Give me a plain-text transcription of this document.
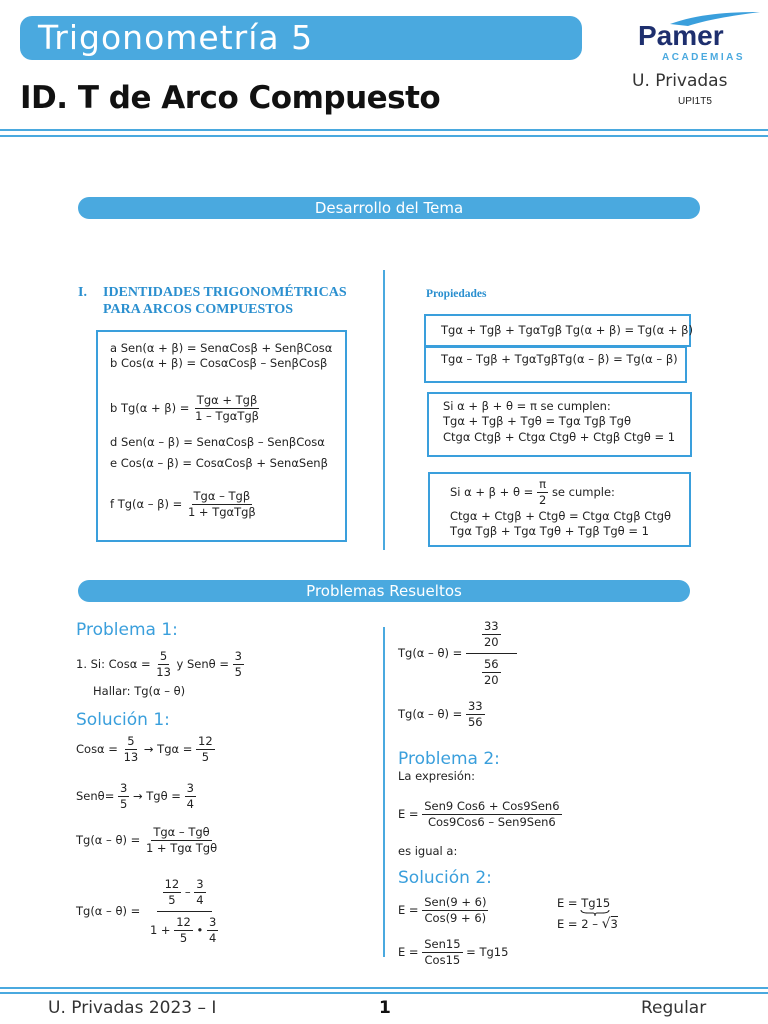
Trigonometría 5
ID. T de Arco Compuesto
Pamer
ACADEMIAS
U. Privadas
UPI1T5
Desarrollo del Tema
I. IDENTIDADES TRIGONOMÉTRICAS
PARA ARCOS COMPUESTOS
a Sen(α + β) = SenαCosβ + SenβCosα
b Cos(α + β) = CosαCosβ – SenβCosβ
b $Tg(\alpha + \beta) = \frac{\text{Tgα + Tgβ}}{\text{1 – TgαTgβ}}$
d Sen(α – β) = SenαCosβ – SenβCosα
e Cos(α – β) = CosαCosβ + SenαSenβ
f $Tg(\alpha - \beta) = \frac{\text{Tgα – Tgβ}}{\text{1 + TgαTgβ}}$
Propiedades
Tgα + Tgβ + TgαTgβ Tg(α + β) = Tg(α + β)
Tgα – Tgβ + TgαTgβTg(α – β) = Tg(α – β)
Si α + β + θ = π se cumplen:
Tgα + Tgβ + Tgθ = Tgα Tgβ Tgθ
Ctgα Ctgβ + Ctgα Ctgθ + Ctgβ Ctgθ = 1
Si $\alpha + \beta + \theta = \frac{\pi}{2}$ se cumple:
Ctgα + Ctgβ + Ctgθ = Ctgα Ctgβ Ctgθ
Tgα Tgβ + Tgα Tgθ + Tgβ Tgθ = 1
Problemas Resueltos
Problema 1:
1. Si: $Cos\alpha = \frac{5}{13}$ y $Sen\theta = \frac{3}{5}$
Hallar: Tg(α – θ)
Solución 1:
$Cos\alpha = \frac{5}{13} \to Tg\alpha = \frac{12}{5}$
$Sen\theta= \frac{3}{5} \to Tg\theta = \frac{3}{4}$
$Tg(\alpha - \theta) = \frac{\text{Tgα – Tgθ}}{\text{1 + Tgα Tgθ}}$
$Tg(\alpha - \theta) = \frac{\frac{12}{5} - \frac{3}{4}}{1 + \frac{12}{5} • \frac{3}{4}}$
$Tg(\alpha - \theta) = \frac{\frac{33}{20}}{\frac{56}{20}}$
$Tg(\alpha - \theta) = \frac{33}{56}$
Problema 2:
La expresión:
$E = \frac{\text{Sen9 Cos6 + Cos9Sen6}}{\text{Cos9Cos6 – Sen9Sen6}}$
es igual a:
Solución 2:
$E = \frac{\text{Sen(9 + 6)}}{\text{Cos(9 + 6)}}$
$E = \frac{\text{Sen15}}{\text{Cos15}} = Tg15$
E = Tg15
E = 2 – √3
U. Privadas 2023 – I	1	Regular
